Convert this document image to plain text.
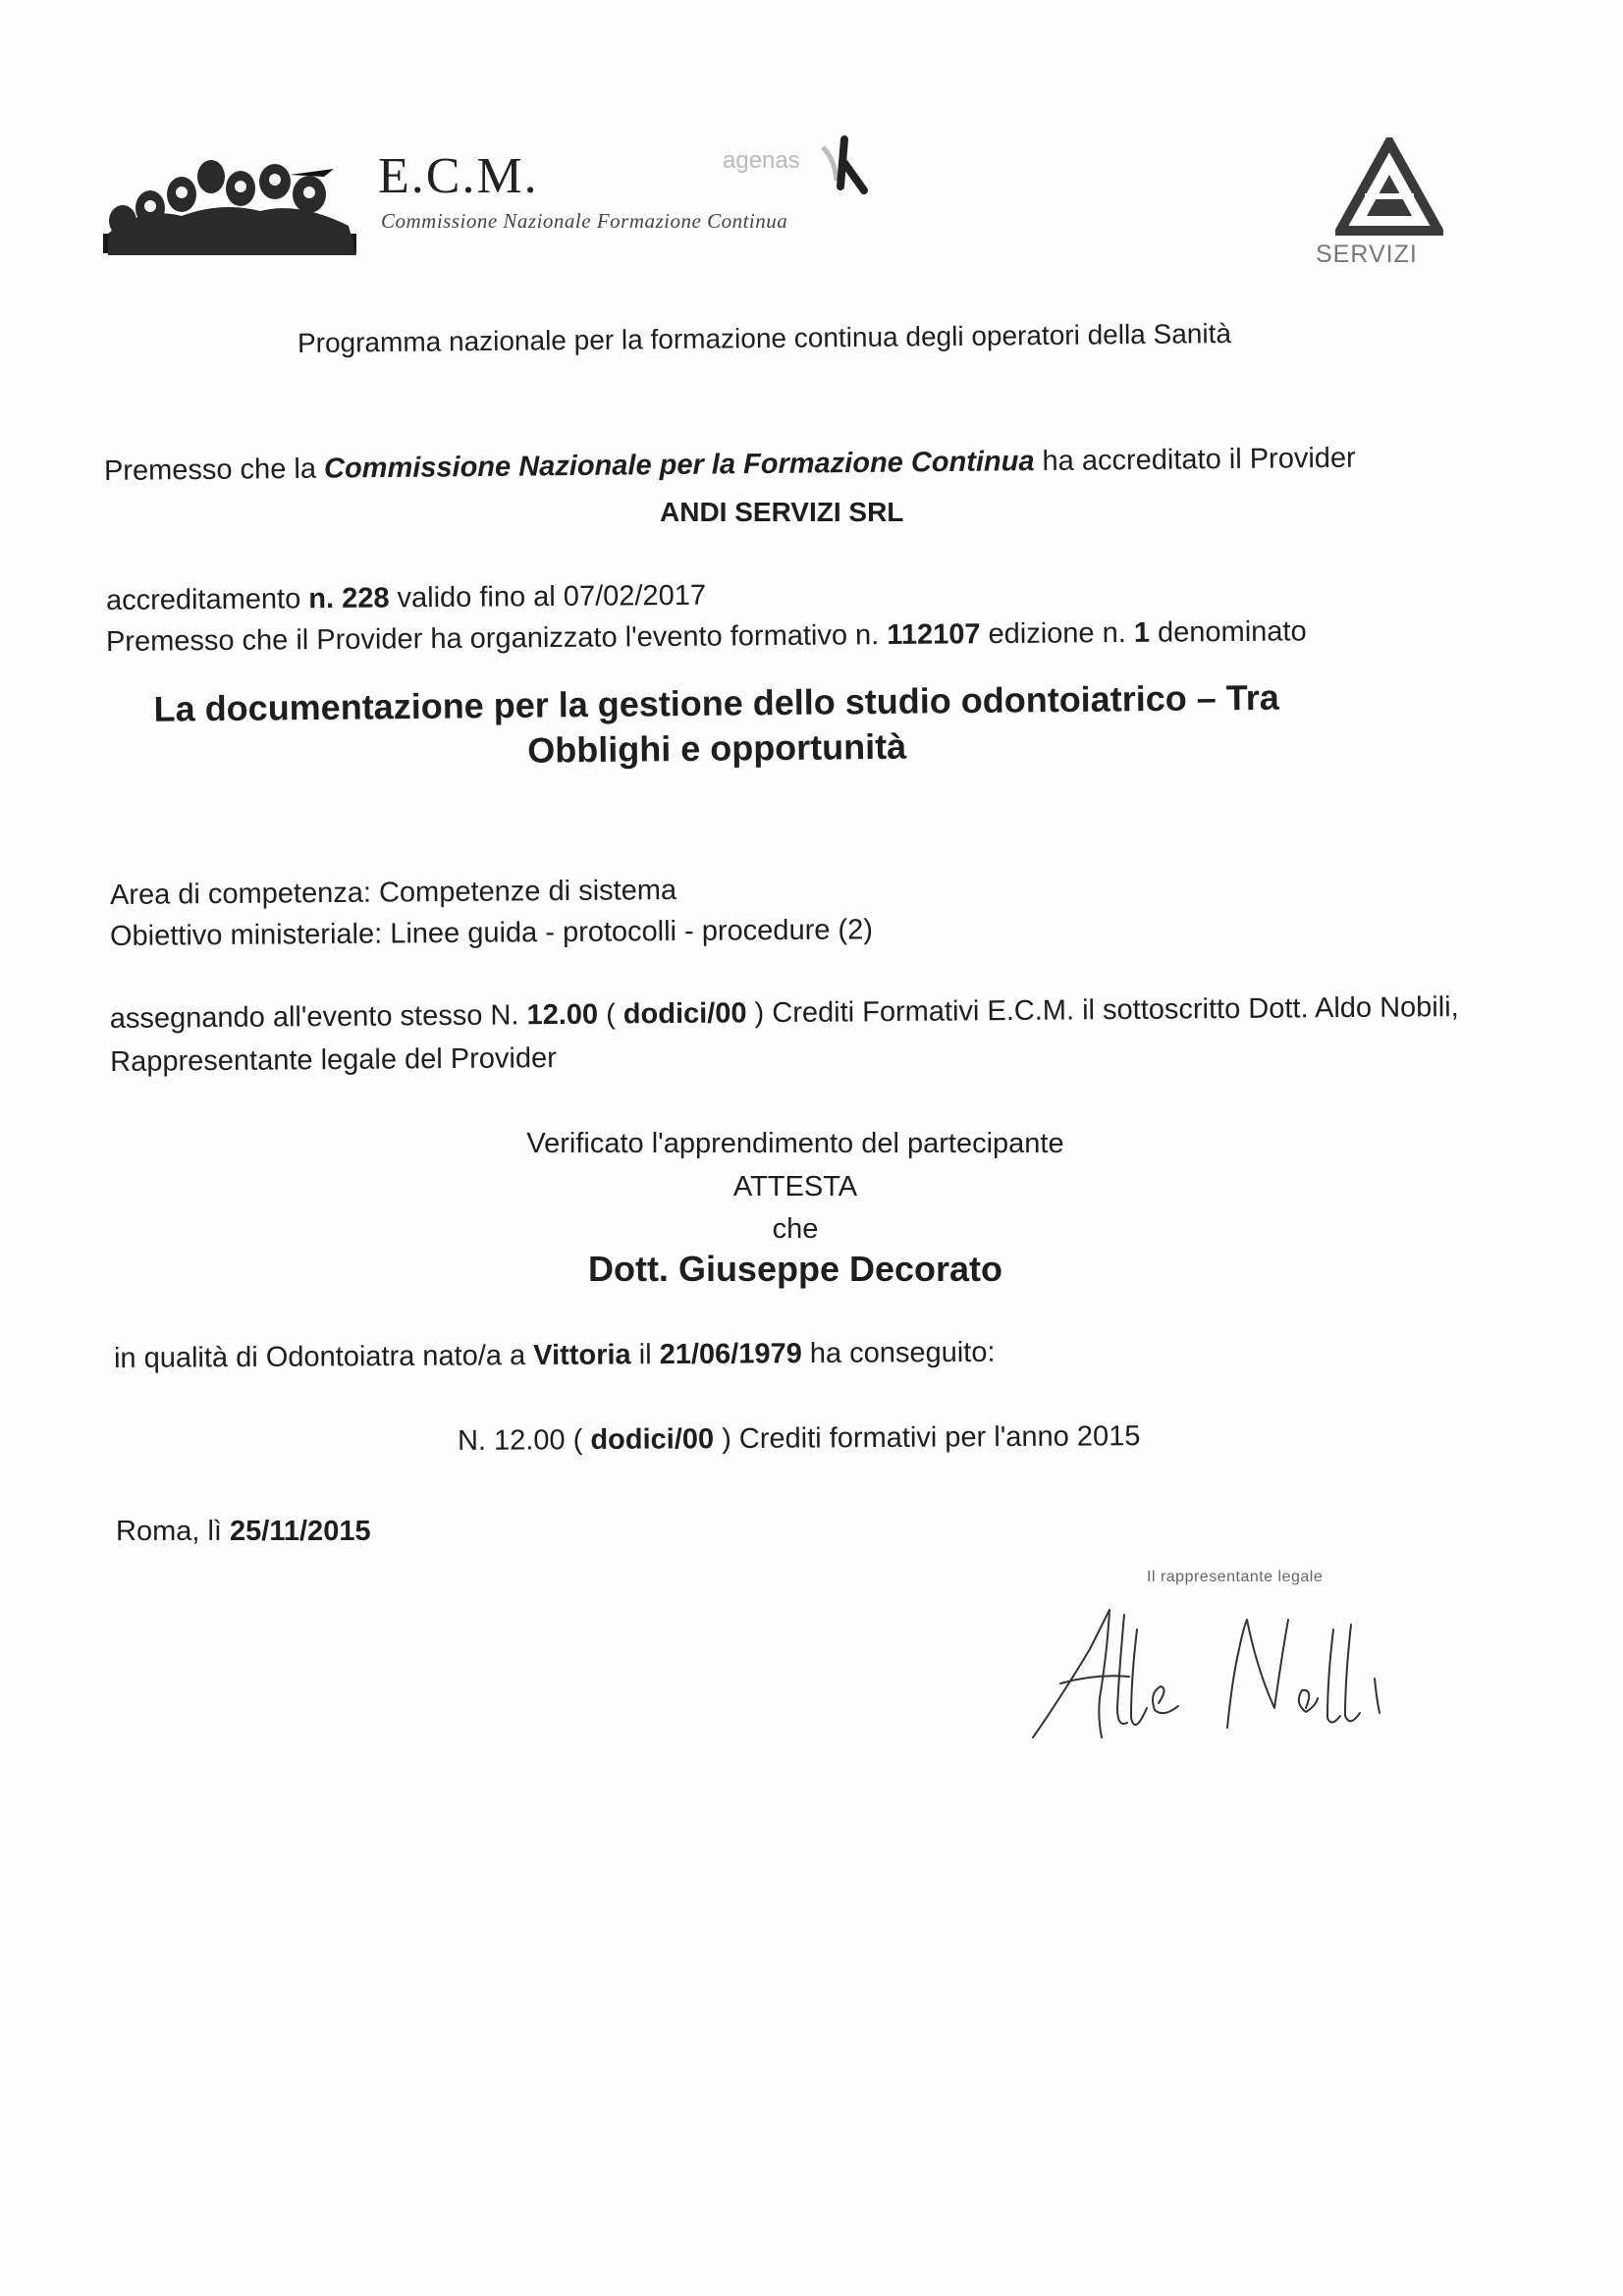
E.C.M.
Commissione Nazionale Formazione Continua
agenas
SERVIZI
Programma nazionale per la formazione continua degli operatori della Sanità
Premesso che la Commissione Nazionale per la Formazione Continua ha accreditato il Provider
ANDI SERVIZI SRL
accreditamento n. 228 valido fino al 07/02/2017
Premesso che il Provider ha organizzato l'evento formativo n. 112107 edizione n. 1 denominato
La documentazione per la gestione dello studio odontoiatrico – Tra Obblighi e opportunità
Area di competenza: Competenze di sistema
Obiettivo ministeriale: Linee guida - protocolli - procedure (2)
assegnando all'evento stesso N. 12.00 ( dodici/00 ) Crediti Formativi E.C.M. il sottoscritto Dott. Aldo Nobili, Rappresentante legale del Provider
Verificato l'apprendimento del partecipante
ATTESTA
che
Dott. Giuseppe Decorato
in qualità di Odontoiatra nato/a a Vittoria il 21/06/1979 ha conseguito:
N. 12.00 ( dodici/00 ) Crediti formativi per l'anno 2015
Roma, lì 25/11/2015
Il rappresentante legale
